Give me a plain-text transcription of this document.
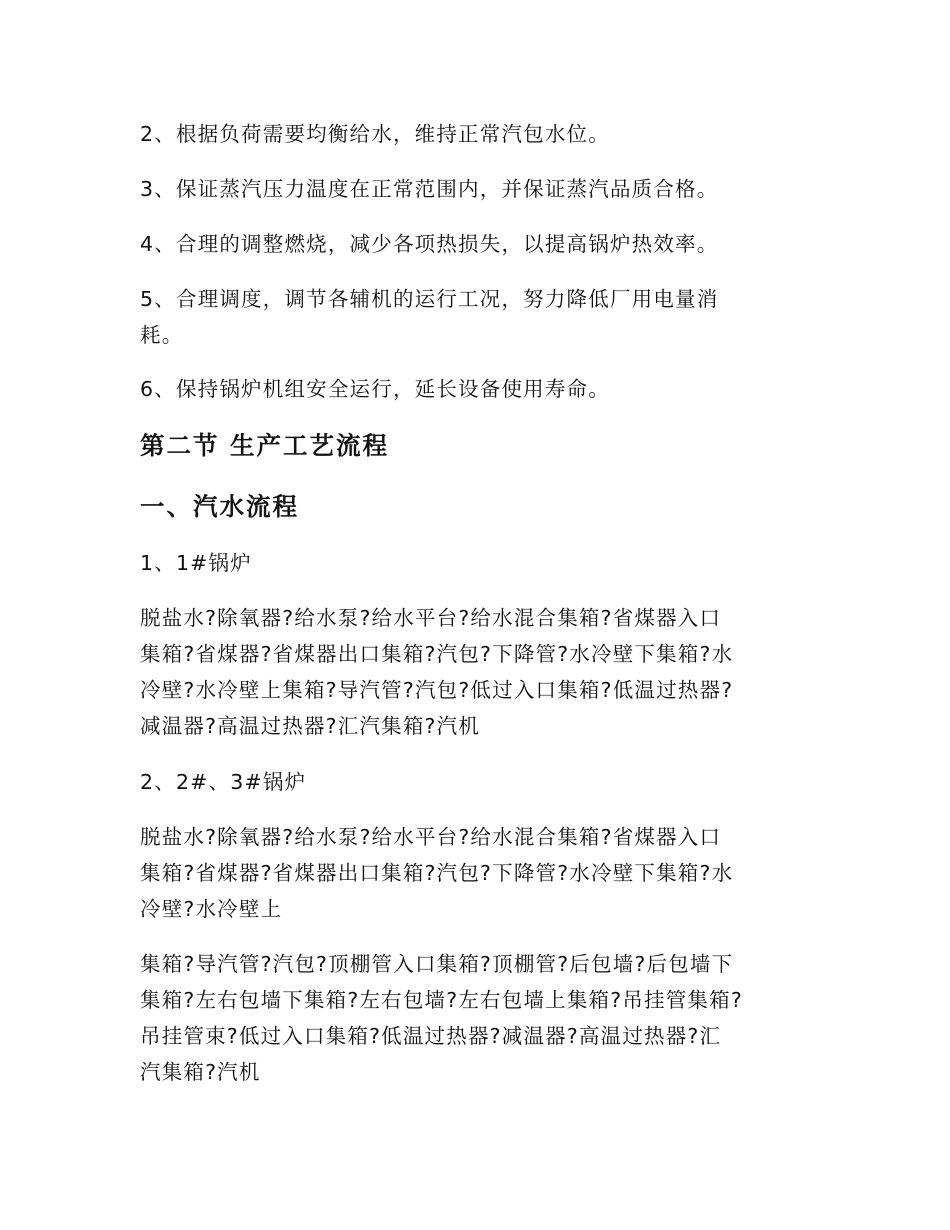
2、根据负荷需要均衡给水，维持正常汽包水位。

3、保证蒸汽压力温度在正常范围内，并保证蒸汽品质合格。

4、合理的调整燃烧，减少各项热损失，以提高锅炉热效率。

5、合理调度，调节各辅机的运行工况，努力降低厂用电量消
耗。

6、保持锅炉机组安全运行，延长设备使用寿命。

第二节 生产工艺流程
一、汽水流程

1、1#锅炉

脱盐水?除氧器?给水泵?给水平台?给水混合集箱?省煤器入口
集箱?省煤器?省煤器出口集箱?汽包?下降管?水冷壁下集箱?水
冷壁?水冷壁上集箱?导汽管?汽包?低过入口集箱?低温过热器?
减温器?高温过热器?汇汽集箱?汽机

2、2#、3#锅炉

脱盐水?除氧器?给水泵?给水平台?给水混合集箱?省煤器入口
集箱?省煤器?省煤器出口集箱?汽包?下降管?水冷壁下集箱?水
冷壁?水冷壁上

集箱?导汽管?汽包?顶棚管入口集箱?顶棚管?后包墙?后包墙下
集箱?左右包墙下集箱?左右包墙?左右包墙上集箱?吊挂管集箱?
吊挂管束?低过入口集箱?低温过热器?减温器?高温过热器?汇
汽集箱?汽机
